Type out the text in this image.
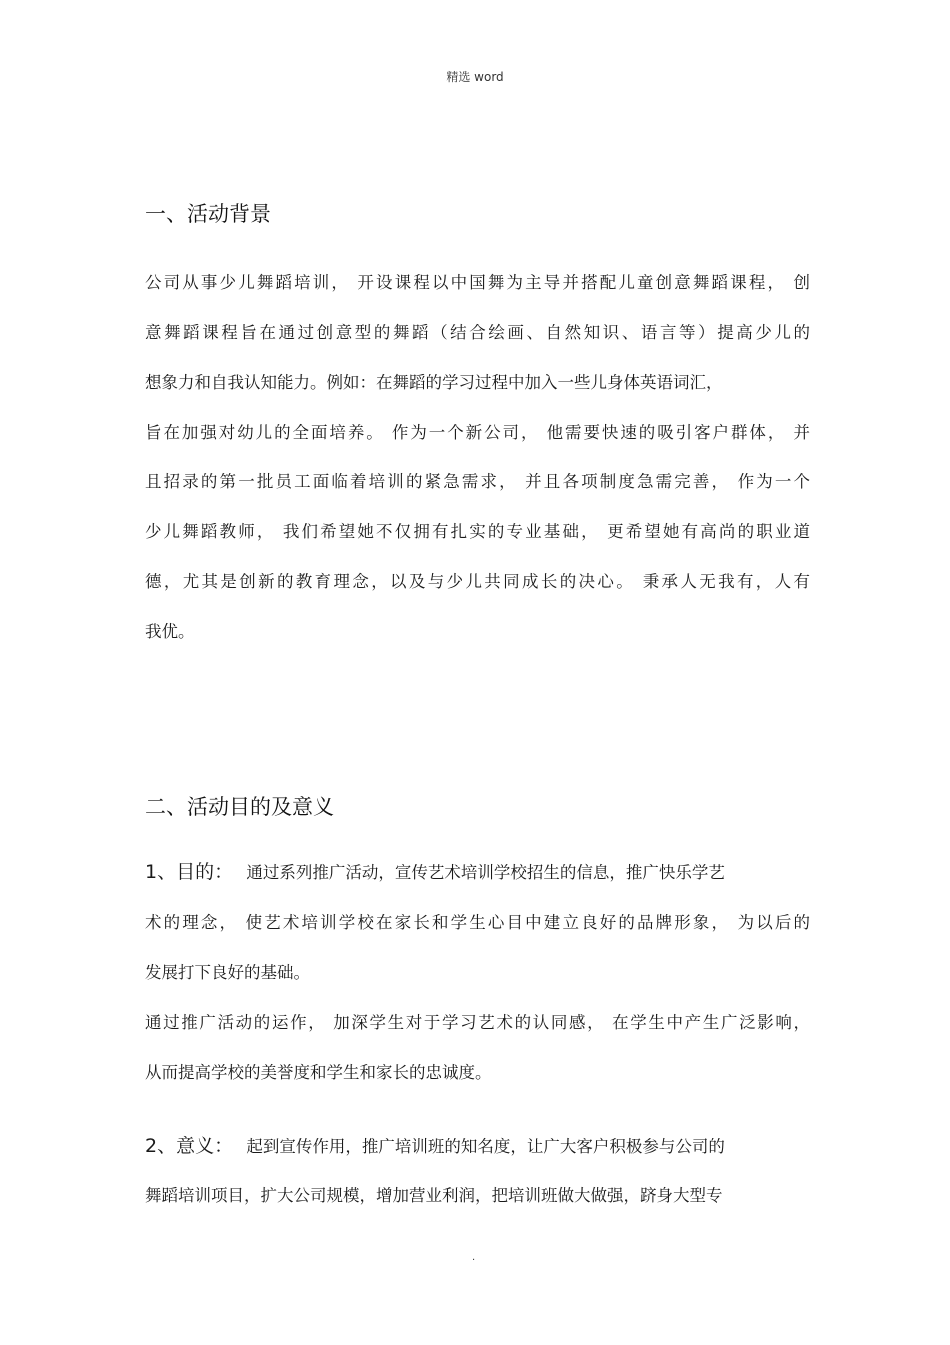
精选 word
一、活动背景
公司从事少儿舞蹈培训， 开设课程以中国舞为主导并搭配儿童创意舞蹈课程， 创
意舞蹈课程旨在通过创意型的舞蹈（结合绘画、自然知识、语言等）提高少儿的
想象力和自我认知能力。例如：在舞蹈的学习过程中加入一些儿身体英语词汇，
旨在加强对幼儿的全面培养。 作为一个新公司， 他需要快速的吸引客户群体， 并
且招录的第一批员工面临着培训的紧急需求， 并且各项制度急需完善， 作为一个
少儿舞蹈教师， 我们希望她不仅拥有扎实的专业基础， 更希望她有高尚的职业道
德，尤其是创新的教育理念，以及与少儿共同成长的决心。 秉承人无我有，人有
我优。
二、活动目的及意义
1、目的： 通过系列推广活动，宣传艺术培训学校招生的信息，推广快乐学艺
术的理念， 使艺术培训学校在家长和学生心目中建立良好的品牌形象， 为以后的
发展打下良好的基础。
通过推广活动的运作， 加深学生对于学习艺术的认同感， 在学生中产生广泛影响，
从而提高学校的美誉度和学生和家长的忠诚度。
2、意义： 起到宣传作用，推广培训班的知名度，让广大客户积极参与公司的
舞蹈培训项目，扩大公司规模，增加营业利润，把培训班做大做强，跻身大型专
.
